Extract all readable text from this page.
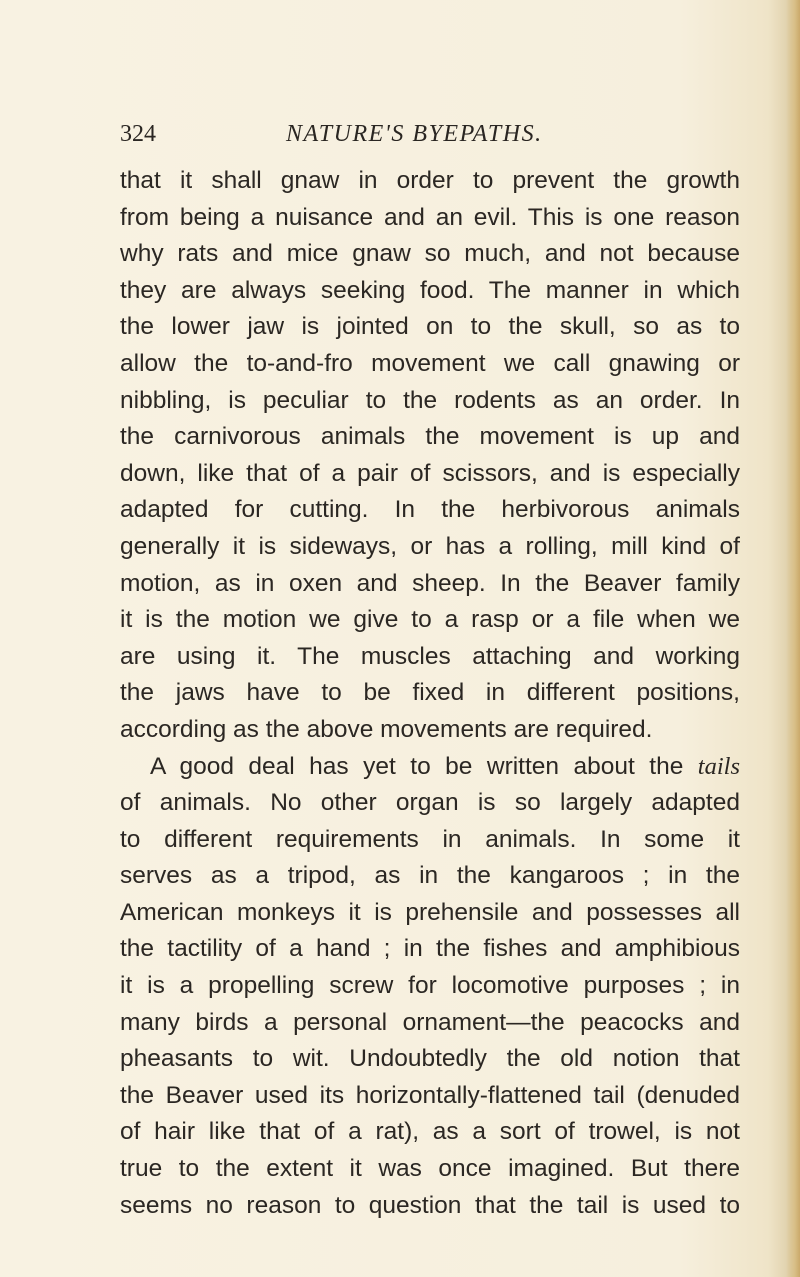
324	NATURE'S BYEPATHS.
that it shall gnaw in order to prevent the growth
from being a nuisance and an evil. This is one reason
why rats and mice gnaw so much, and not because
they are always seeking food. The manner in which
the lower jaw is jointed on to the skull, so as to
allow the to-and-fro movement we call gnawing or
nibbling, is peculiar to the rodents as an order. In
the carnivorous animals the movement is up and
down, like that of a pair of scissors, and is especially
adapted for cutting. In the herbivorous animals
generally it is sideways, or has a rolling, mill kind of
motion, as in oxen and sheep. In the Beaver family
it is the motion we give to a rasp or a file when we
are using it. The muscles attaching and working
the jaws have to be fixed in different positions,
according as the above movements are required.
A good deal has yet to be written about the tails
of animals. No other organ is so largely adapted
to different requirements in animals. In some it
serves as a tripod, as in the kangaroos ; in the
American monkeys it is prehensile and possesses all
the tactility of a hand ; in the fishes and amphibious
it is a propelling screw for locomotive purposes ; in
many birds a personal ornament—the peacocks and
pheasants to wit. Undoubtedly the old notion that
the Beaver used its horizontally-flattened tail (denuded
of hair like that of a rat), as a sort of trowel, is not
true to the extent it was once imagined. But there
seems no reason to question that the tail is used to
